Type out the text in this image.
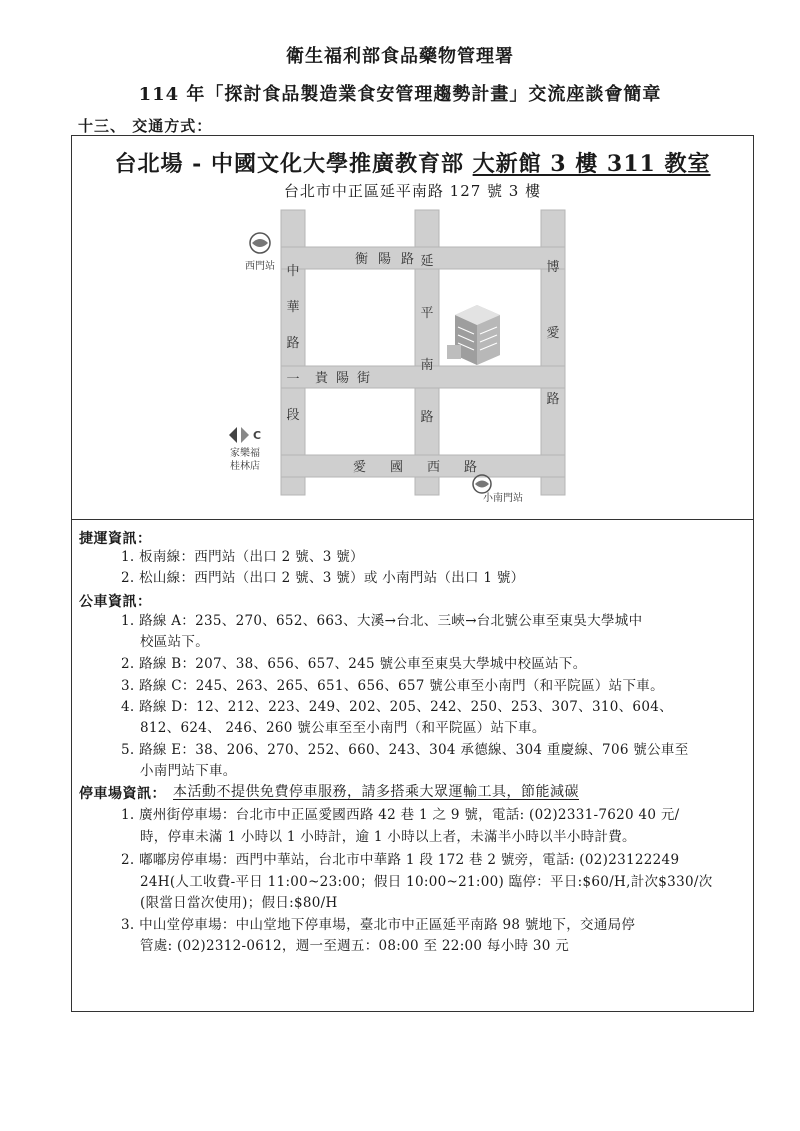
衛生福利部食品藥物管理署
114 年「探討食品製造業食安管理趨勢計畫」交流座談會簡章
十三、 交通方式：
台北場 - 中國文化大學推廣教育部 大新館 3 樓 311 教室
台北市中正區延平南路 127 號 3 樓
衡陽路
貴陽街
愛國西路
中華路一段
延平南路
博愛路
西門站
小南門站
C
家樂福
桂林店
捷運資訊：
1. 板南線：西門站（出口 2 號、3 號）
2. 松山線：西門站（出口 2 號、3 號）或 小南門站（出口 1 號）
公車資訊：
1. 路線 A：235、270、652、663、大溪→台北、三峽→台北號公車至東吳大學城中
校區站下。
2. 路線 B：207、38、656、657、245 號公車至東吳大學城中校區站下。
3. 路線 C：245、263、265、651、656、657 號公車至小南門（和平院區）站下車。
4. 路線 D：12、212、223、249、202、205、242、250、253、307、310、604、
812、624、 246、260 號公車至至小南門（和平院區）站下車。
5. 路線 E：38、206、270、252、660、243、304 承德線、304 重慶線、706 號公車至
小南門站下車。
停車場資訊： 本活動不提供免費停車服務，請多搭乘大眾運輸工具，節能減碳
1. 廣州街停車場：台北市中正區愛國西路 42 巷 1 之 9 號，電話: (02)2331-7620 40 元/
時，停車未滿 1 小時以 1 小時計，逾 1 小時以上者，未滿半小時以半小時計費。
2. 嘟嘟房停車場：西門中華站，台北市中華路 1 段 172 巷 2 號旁，電話: (02)23122249
24H(人工收費-平日 11:00~23:00；假日 10:00~21:00) 臨停：平日:$60/H,計次$330/次
(限當日當次使用)；假日:$80/H
3. 中山堂停車場：中山堂地下停車場，臺北市中正區延平南路 98 號地下，交通局停
管處: (02)2312-0612，週一至週五：08:00 至 22:00 每小時 30 元
